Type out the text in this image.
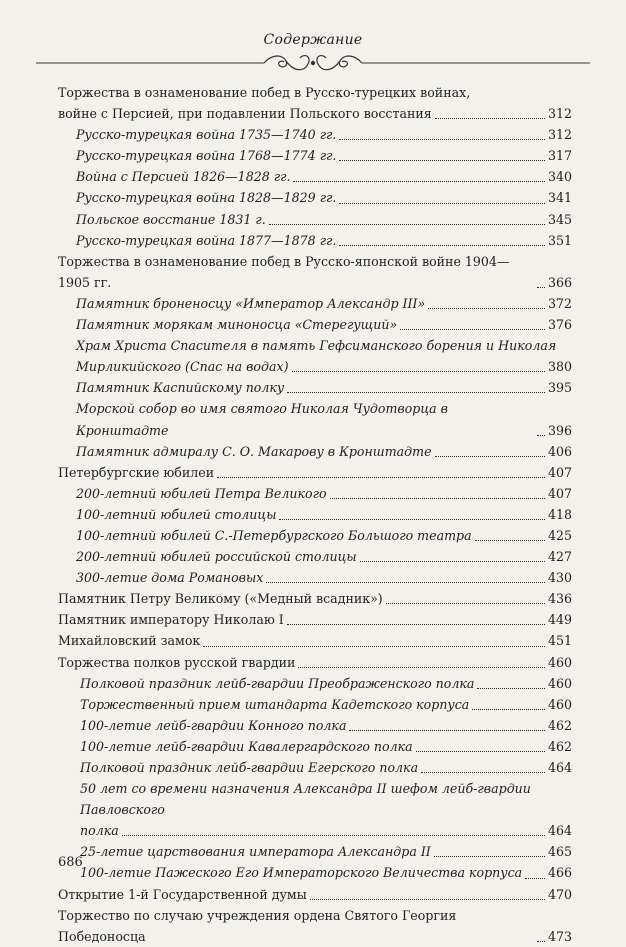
Содержание
Торжества в ознаменование побед в Русско-турецких войнах,
войне с Персией, при подавлении Польского восстания	312
Русско-турецкая война 1735—1740 гг.	312
Русско-турецкая война 1768—1774 гг.	317
Война с Персией 1826—1828 гг.	340
Русско-турецкая война 1828—1829 гг.	341
Польское восстание 1831 г.	345
Русско-турецкая война 1877—1878 гг.	351
Торжества в ознаменование побед в Русско-японской войне 1904—1905 гг.	366
Памятник броненосцу «Император Александр III»	372
Памятник морякам миноносца «Стерегущий»	376
Храм Христа Спасителя в память Гефсиманского борения и Николая
Мирликийского (Спас на водах)	380
Памятник Каспийскому полку	395
Морской собор во имя святого Николая Чудотворца в Кронштадте	396
Памятник адмиралу С. О. Макарову в Кронштадте	406
Петербургские юбилеи	407
200-летний юбилей Петра Великого	407
100-летний юбилей столицы	418
100-летний юбилей С.-Петербургского Большого театра	425
200-летний юбилей российской столицы	427
300-летие дома Романовых	430
Памятник Петру Великому («Медный всадник»)	436
Памятник императору Николаю I	449
Михайловский замок	451
Торжества полков русской гвардии	460
Полковой праздник лейб-гвардии Преображенского полка	460
Торжественный прием штандарта Кадетского корпуса	460
100-летие лейб-гвардии Конного полка	462
100-летие лейб-гвардии Кавалергардского полка	462
Полковой праздник лейб-гвардии Егерского полка	464
50 лет со времени назначения Александра II шефом лейб-гвардии Павловского
полка	464
25-летие царствования императора Александра II	465
100-летие Пажеского Его Императорского Величества корпуса 466
Открытие 1-й Государственной думы	470
Торжество по случаю учреждения ордена Святого Георгия Победоносца	473
686
